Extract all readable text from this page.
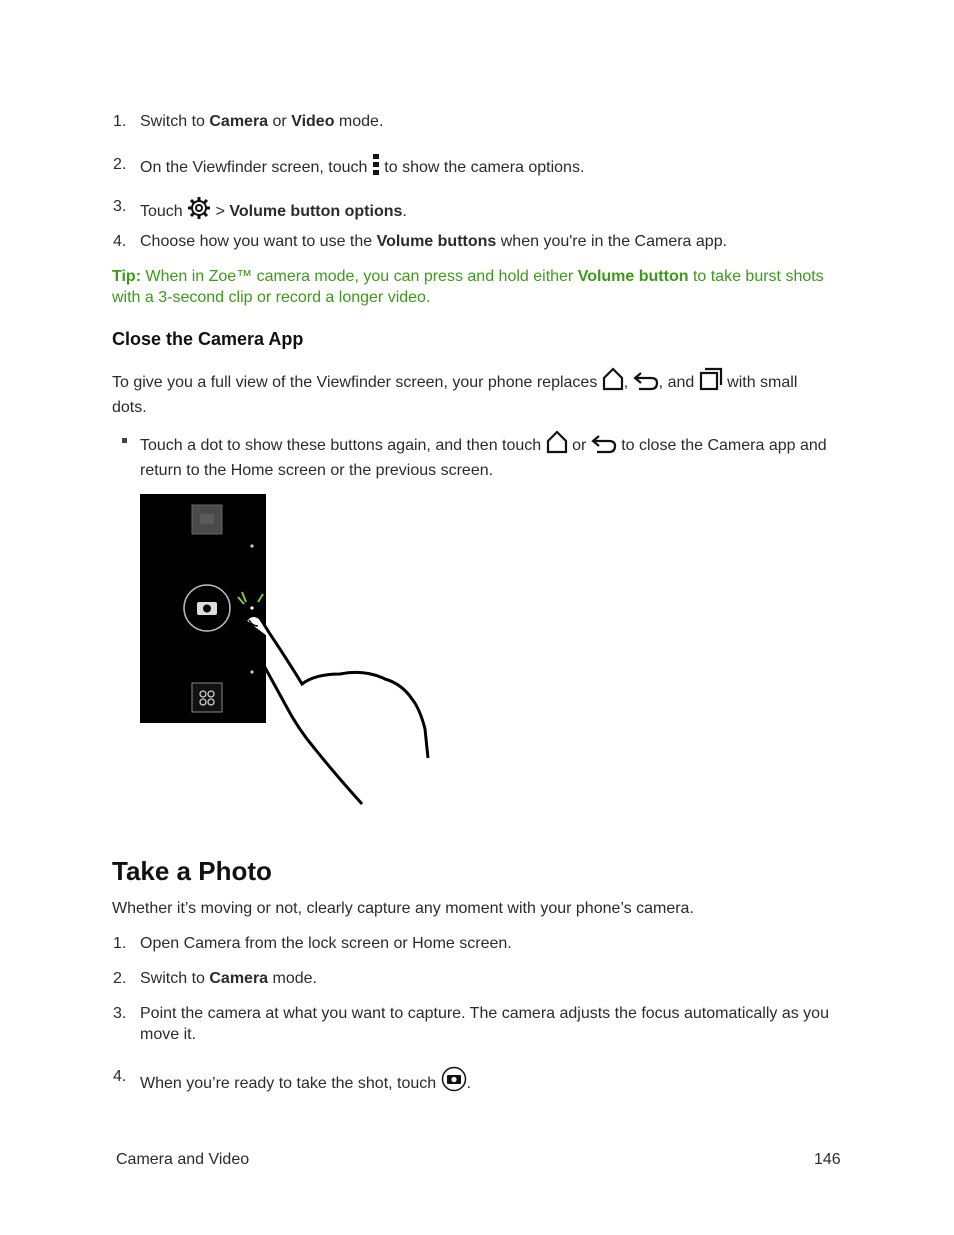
1. Switch to Camera or Video mode.
2. On the Viewfinder screen, touch  to show the camera options.
3. Touch  > Volume button options.
4. Choose how you want to use the Volume buttons when you're in the Camera app.
Tip: When in Zoe™ camera mode, you can press and hold either Volume button to take burst shots with a 3-second clip or record a longer video.
Close the Camera App
To give you a full view of the Viewfinder screen, your phone replaces , , and  with small dots.
Touch a dot to show these buttons again, and then touch  or  to close the Camera app and return to the Home screen or the previous screen.
Take a Photo
Whether it’s moving or not, clearly capture any moment with your phone’s camera.
1. Open Camera from the lock screen or Home screen.
2. Switch to Camera mode.
3. Point the camera at what you want to capture. The camera adjusts the focus automatically as you move it.
4. When you’re ready to take the shot, touch .
Camera and Video	146
